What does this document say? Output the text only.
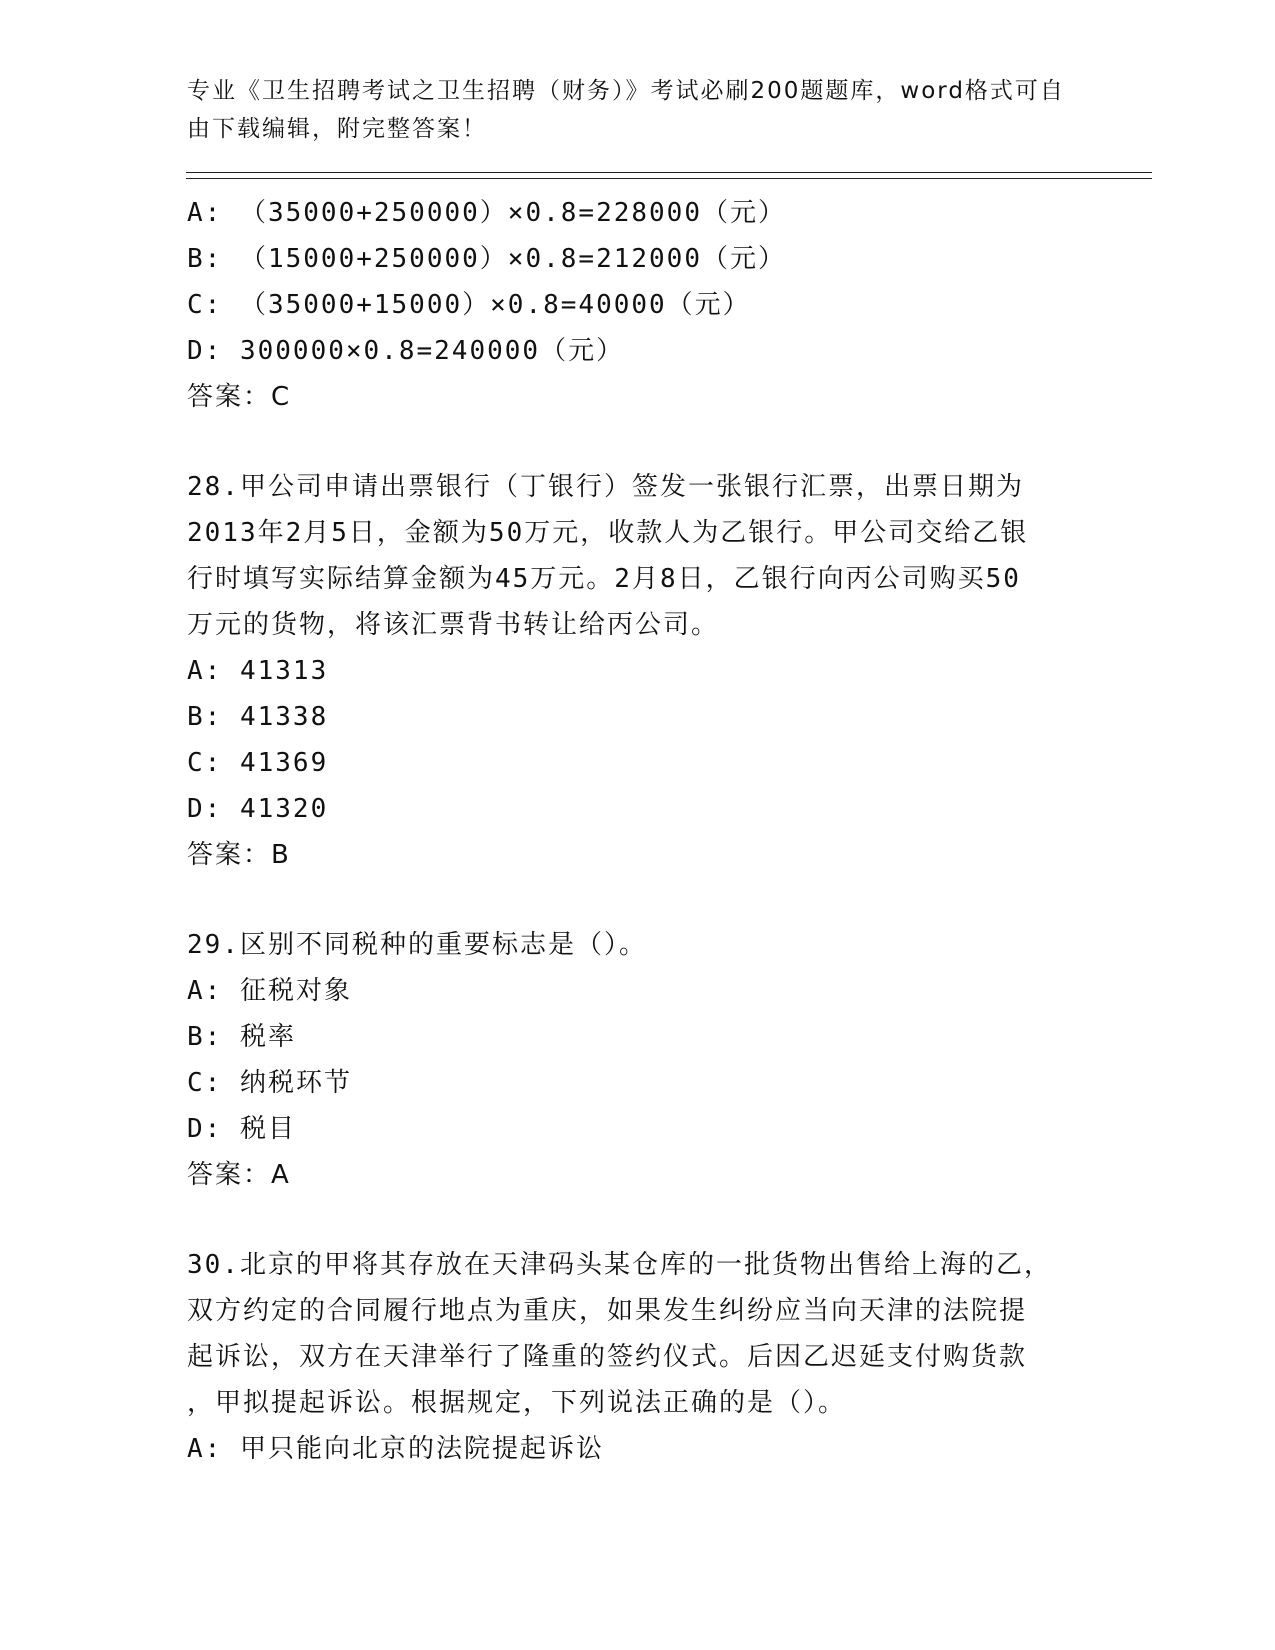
专业《卫生招聘考试之卫生招聘（财务）》考试必刷200题题库，word格式可自
由下载编辑，附完整答案！
A: （35000+250000）×0.8=228000（元）
B: （15000+250000）×0.8=212000（元）
C: （35000+15000）×0.8=40000（元）
D: 300000×0.8=240000（元）
答案：C
28.甲公司申请出票银行（丁银行）签发一张银行汇票，出票日期为
2013年2月5日，金额为50万元，收款人为乙银行。甲公司交给乙银
行时填写实际结算金额为45万元。2月8日，乙银行向丙公司购买50
万元的货物，将该汇票背书转让给丙公司。
A: 41313
B: 41338
C: 41369
D: 41320
答案：B
29.区别不同税种的重要标志是（）。
A: 征税对象
B: 税率
C: 纳税环节
D: 税目
答案：A
30.北京的甲将其存放在天津码头某仓库的一批货物出售给上海的乙，
双方约定的合同履行地点为重庆，如果发生纠纷应当向天津的法院提
起诉讼，双方在天津举行了隆重的签约仪式。后因乙迟延支付购货款
，甲拟提起诉讼。根据规定，下列说法正确的是（）。
A: 甲只能向北京的法院提起诉讼
